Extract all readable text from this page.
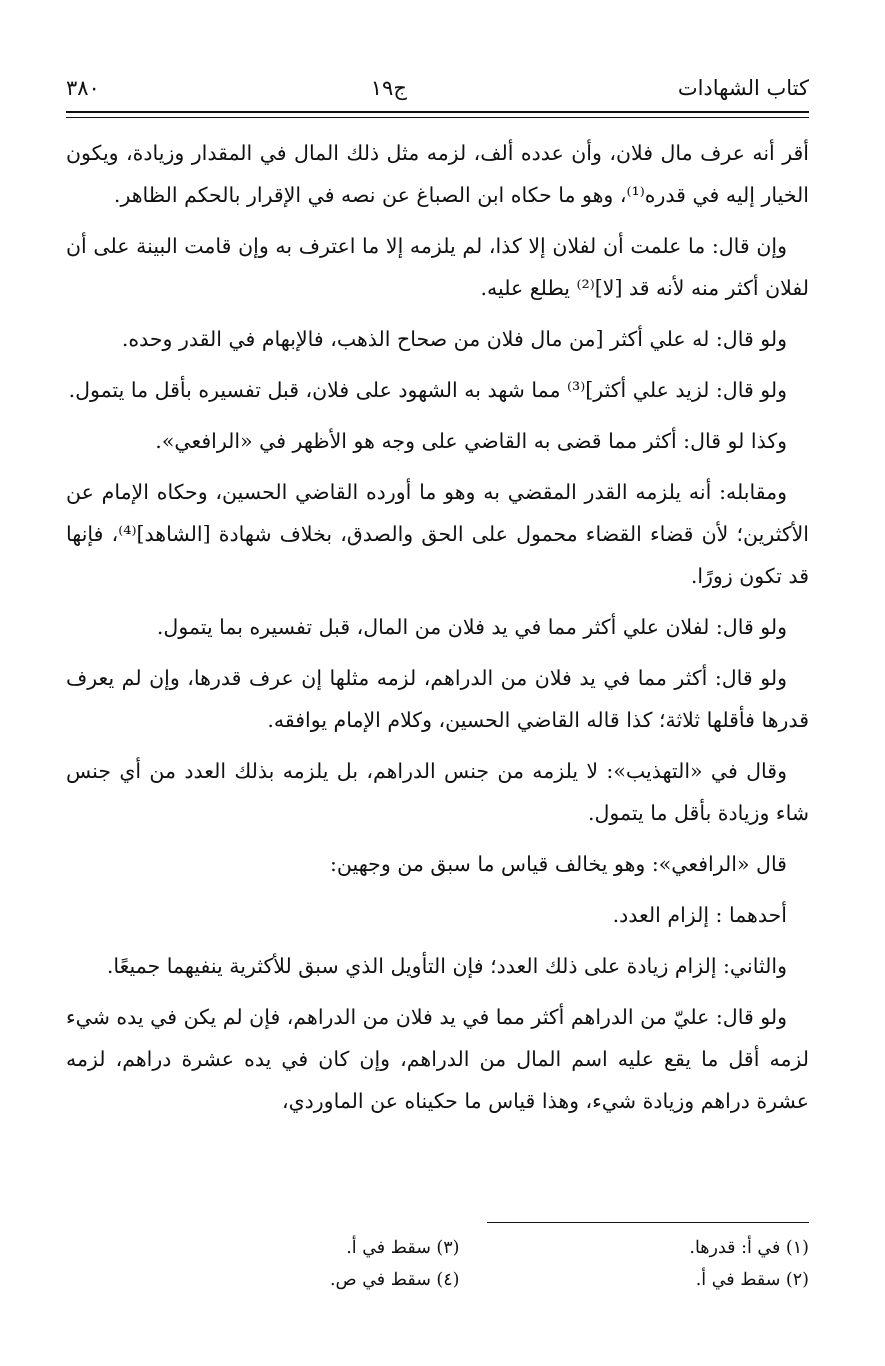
كتاب الشهادات
ج١٩
٣٨٠

أقر أنه عرف مال فلان، وأن عدده ألف، لزمه مثل ذلك المال في المقدار وزيادة، ويكون الخيار إليه في قدره⁽¹⁾، وهو ما حكاه ابن الصباغ عن نصه في الإقرار بالحكم الظاهر.

وإن قال: ما علمت أن لفلان إلا كذا، لم يلزمه إلا ما اعترف به وإن قامت البينة على أن لفلان أكثر منه لأنه قد [لا]⁽²⁾ يطلع عليه.

ولو قال: له علي أكثر [من مال فلان من صحاح الذهب، فالإبهام في القدر وحده.

ولو قال: لزيد علي أكثر]⁽³⁾ مما شهد به الشهود على فلان، قبل تفسيره بأقل ما يتمول.

وكذا لو قال: أكثر مما قضى به القاضي على وجه هو الأظهر في «الرافعي».

ومقابله: أنه يلزمه القدر المقضي به وهو ما أورده القاضي الحسين، وحكاه الإمام عن الأكثرين؛ لأن قضاء القضاء محمول على الحق والصدق، بخلاف شهادة [الشاهد]⁽⁴⁾، فإنها قد تكون زورًا.

ولو قال: لفلان علي أكثر مما في يد فلان من المال، قبل تفسيره بما يتمول.

ولو قال: أكثر مما في يد فلان من الدراهم، لزمه مثلها إن عرف قدرها، وإن لم يعرف قدرها فأقلها ثلاثة؛ كذا قاله القاضي الحسين، وكلام الإمام يوافقه.

وقال في «التهذيب»: لا يلزمه من جنس الدراهم، بل يلزمه بذلك العدد من أي جنس شاء وزيادة بأقل ما يتمول.

قال «الرافعي»: وهو يخالف قياس ما سبق من وجهين:

أحدهما : إلزام العدد.

والثاني: إلزام زيادة على ذلك العدد؛ فإن التأويل الذي سبق للأكثرية ينفيهما جميعًا.

ولو قال: عليّ من الدراهم أكثر مما في يد فلان من الدراهم، فإن لم يكن في يده شيء لزمه أقل ما يقع عليه اسم المال من الدراهم، وإن كان في يده عشرة دراهم، لزمه عشرة دراهم وزيادة شيء، وهذا قياس ما حكيناه عن الماوردي،

(١) في أ: قدرها.
(٣) سقط في أ.
(٢) سقط في أ.
(٤) سقط في ص.
